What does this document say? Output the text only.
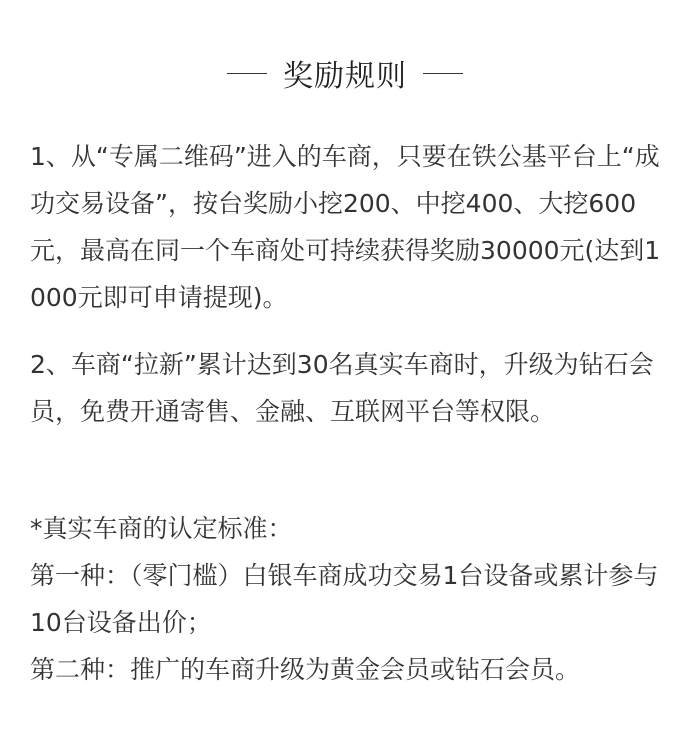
奖励规则
1、从“专属二维码”进入的车商，只要在铁公基平台上“成功交易设备”，按台奖励小挖200、中挖400、大挖600元，最高在同一个车商处可持续获得奖励30000元(达到1000元即可申请提现)。
2、车商“拉新”累计达到30名真实车商时，升级为钻石会员，免费开通寄售、金融、互联网平台等权限。
*真实车商的认定标准：
第一种：（零门槛）白银车商成功交易1台设备或累计参与10台设备出价；
第二种：推广的车商升级为黄金会员或钻石会员。
